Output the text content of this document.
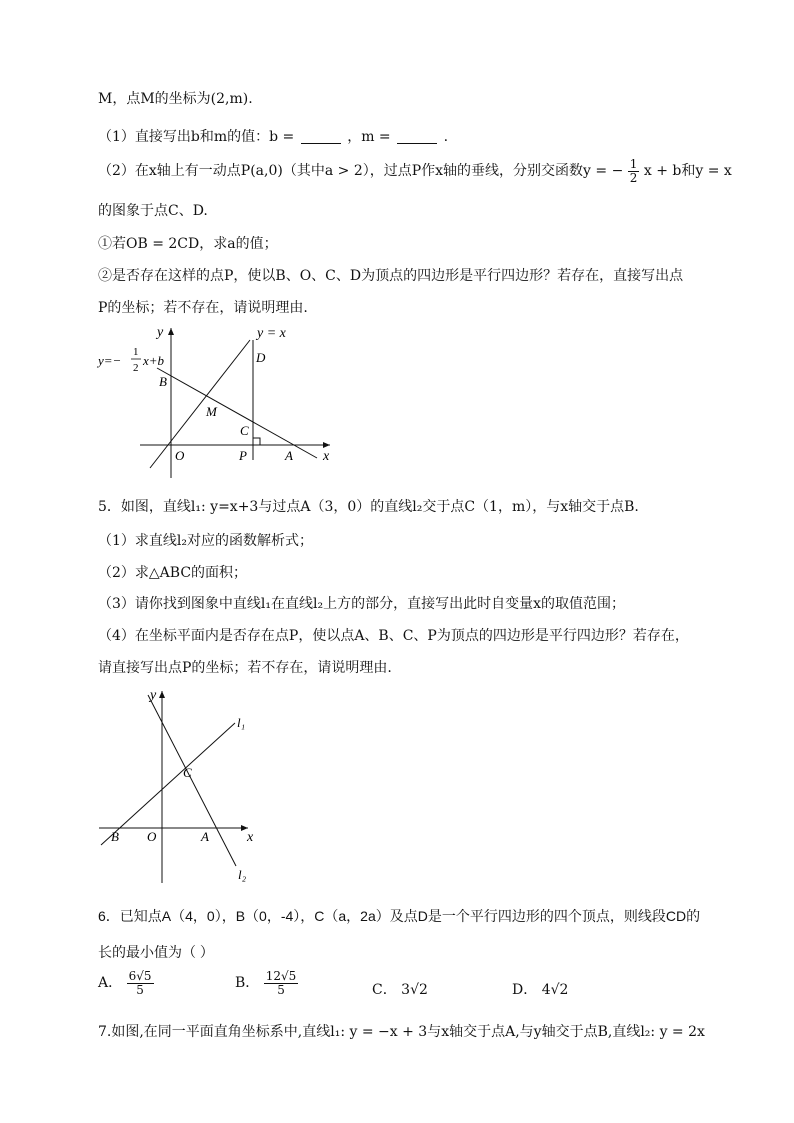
M，点M的坐标为(2,m).
（1）直接写出b和m的值：b =	，m =	.
（2）在x轴上有一动点P(a,0)（其中a > 2），过点P作x轴的垂线，分别交函数y = − $\frac{1}{2}$ x + b和y = x
的图象于点C、D.
①若OB = 2CD，求a的值；
②是否存在这样的点P，使以B、O、C、D为顶点的四边形是平行四边形？若存在，直接写出点
P的坐标；若不存在，请说明理由.
y
x
y = x
y=−
1
2 x+b
B
M
C
D
O	P	A
5．如图，直线l₁: y=x+3与过点A（3，0）的直线l₂交于点C（1，m），与x轴交于点B.
（1）求直线l₂对应的函数解析式；
（2）求△ABC的面积；
（3）请你找到图象中直线l₁在直线l₂上方的部分，直接写出此时自变量x的取值范围；
（4）在坐标平面内是否存在点P，使以点A、B、C、P为顶点的四边形是平行四边形？若存在，
请直接写出点P的坐标；若不存在，请说明理由.
y
x
l₁
l₂
C
B O	A
6．已知点A（4，0），B（0，-4），C（a，2a）及点D是一个平行四边形的四个顶点，则线段CD的
长的最小值为（ ）
A． $\frac{6√5}{5}$	B． $\frac{12√5}{5}$	C． 3√2	D． 4√2
7.如图,在同一平面直角坐标系中,直线l₁: y = −x + 3与x轴交于点A,与y轴交于点B,直线l₂: y = 2x
